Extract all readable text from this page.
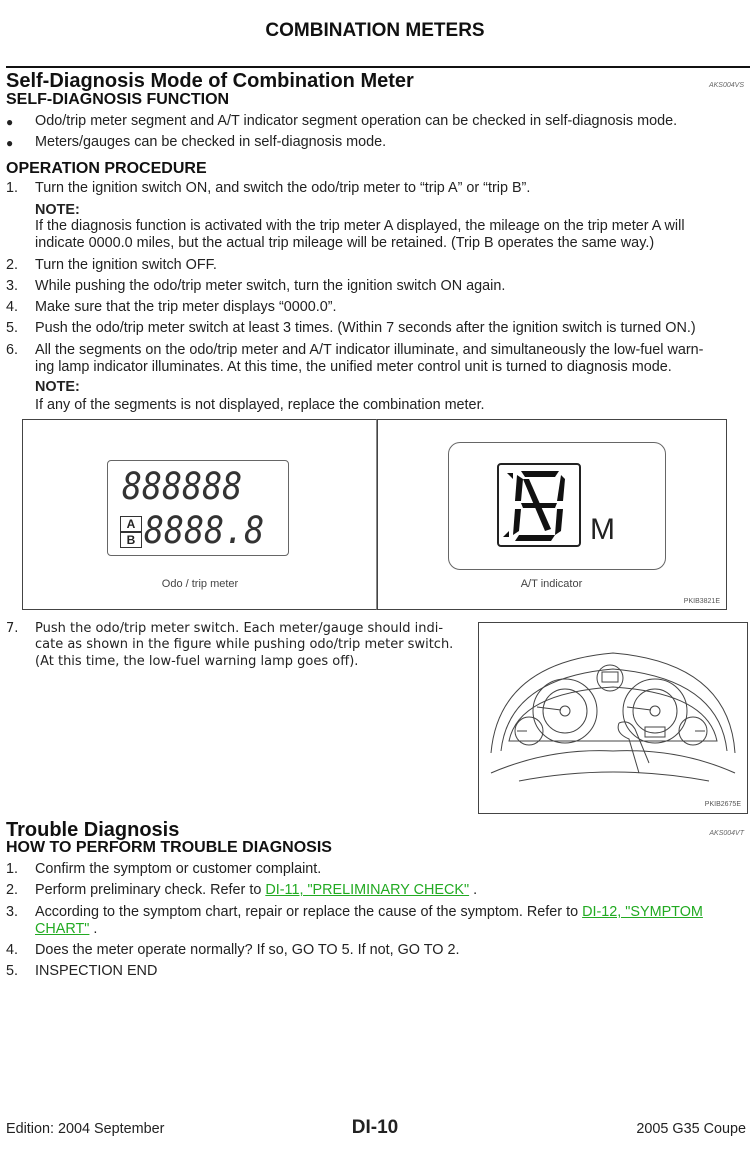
COMBINATION METERS
Self-Diagnosis Mode of Combination Meter	AKS004VS
SELF-DIAGNOSIS FUNCTION
● Odo/trip meter segment and A/T indicator segment operation can be checked in self-diagnosis mode.
● Meters/gauges can be checked in self-diagnosis mode.
OPERATION PROCEDURE
1. Turn the ignition switch ON, and switch the odo/trip meter to “trip A” or “trip B”.
NOTE:
If the diagnosis function is activated with the trip meter A displayed, the mileage on the trip meter A will
indicate 0000.0 miles, but the actual trip mileage will be retained. (Trip B operates the same way.)
2. Turn the ignition switch OFF.
3. While pushing the odo/trip meter switch, turn the ignition switch ON again.
4. Make sure that the trip meter displays “0000.0”.
5. Push the odo/trip meter switch at least 3 times. (Within 7 seconds after the ignition switch is turned ON.)
6. All the segments on the odo/trip meter and A/T indicator illuminate, and simultaneously the low-fuel warn-
ing lamp indicator illuminates. At this time, the unified meter control unit is turned to diagnosis mode.
NOTE:
If any of the segments is not displayed, replace the combination meter.
888888
A
B 8888.8
Odo / trip meter
M
A/T indicator
PKIB3821E
7. Push the odo/trip meter switch. Each meter/gauge should indi-
cate as shown in the figure while pushing odo/trip meter switch.
(At this time, the low-fuel warning lamp goes off).
PKIB2675E
Trouble Diagnosis	AKS004VT
HOW TO PERFORM TROUBLE DIAGNOSIS
1. Confirm the symptom or customer complaint.
2. Perform preliminary check. Refer to DI-11, "PRELIMINARY CHECK" .
3. According to the symptom chart, repair or replace the cause of the symptom. Refer to DI-12, "SYMPTOM
CHART" .
4. Does the meter operate normally? If so, GO TO 5. If not, GO TO 2.
5. INSPECTION END
Edition: 2004 September	DI-10	2005 G35 Coupe
